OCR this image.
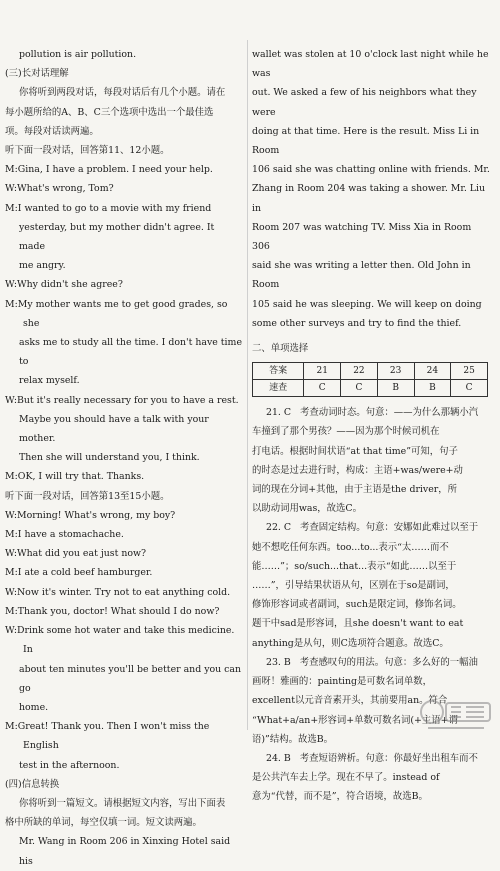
pollution is air pollution.
(三)长对话理解
你将听到两段对话，每段对话后有几个小题。请在
每小题所给的A、B、C三个选项中选出一个最佳选
项。每段对话读两遍。
听下面一段对话，回答第11、12小题。
M:Gina, I have a problem. I need your help.
W:What's wrong, Tom?
M:I wanted to go to a movie with my friend
yesterday, but my mother didn't agree. It made
me angry.
W:Why didn't she agree?
M:My mother wants me to get good grades, so she
asks me to study all the time. I don't have time to
relax myself.
W:But it's really necessary for you to have a rest.
Maybe you should have a talk with your mother.
Then she will understand you, I think.
M:OK, I will try that. Thanks.
听下面一段对话，回答第13至15小题。
W:Morning! What's wrong, my boy?
M:I have a stomachache.
W:What did you eat just now?
M:I ate a cold beef hamburger.
W:Now it's winter. Try not to eat anything cold.
M:Thank you, doctor! What should I do now?
W:Drink some hot water and take this medicine. In
about ten minutes you'll be better and you can go
home.
M:Great! Thank you. Then I won't miss the English
test in the afternoon.
(四)信息转换
你将听到一篇短文。请根据短文内容，写出下面表
格中所缺的单词，每空仅填一词。短文读两遍。
Mr. Wang in Room 206 in Xinxing Hotel said his
wallet was stolen at 10 o'clock last night while he was
out. We asked a few of his neighbors what they were
doing at that time. Here is the result. Miss Li in Room
106 said she was chatting online with friends. Mr.
Zhang in Room 204 was taking a shower. Mr. Liu in
Room 207 was watching TV. Miss Xia in Room 306
said she was writing a letter then. Old John in Room
105 said he was sleeping. We will keep on doing
some other surveys and try to find the thief.
二、单项选择
答案	21	22	23	24	25
速查	C	C	B	B	C
21. C   考查动词时态。句意：——为什么那辆小汽
车撞到了那个男孩？——因为那个时候司机在
打电话。根据时间状语“at that time”可知，句子
的时态是过去进行时，构成：主语+was/were+动
词的现在分词+其他，由于主语是the driver，所
以助动词用was，故选C。
22. C   考查固定结构。句意：安娜如此难过以至于
她不想吃任何东西。too...to...表示“太……而不
能……”；so/such...that...表示“如此……以至于
……”，引导结果状语从句，区别在于so是副词，
修饰形容词或者副词，such是限定词，修饰名词。
题干中sad是形容词，且she doesn't want to eat
anything是从句，则C选项符合题意。故选C。
23. B   考查感叹句的用法。句意：多么好的一幅油
画呀！雅画的：painting是可数名词单数，
excellent以元音音素开头，其前要用an。符合
“What+a/an+形容词+单数可数名词(+主语+谓
语)”结构。故选B。
24. B   考查短语辨析。句意：你最好坐出租车而不
是公共汽车去上学。现在不早了。instead of
意为“代替，而不是”，符合语境，故选B。
